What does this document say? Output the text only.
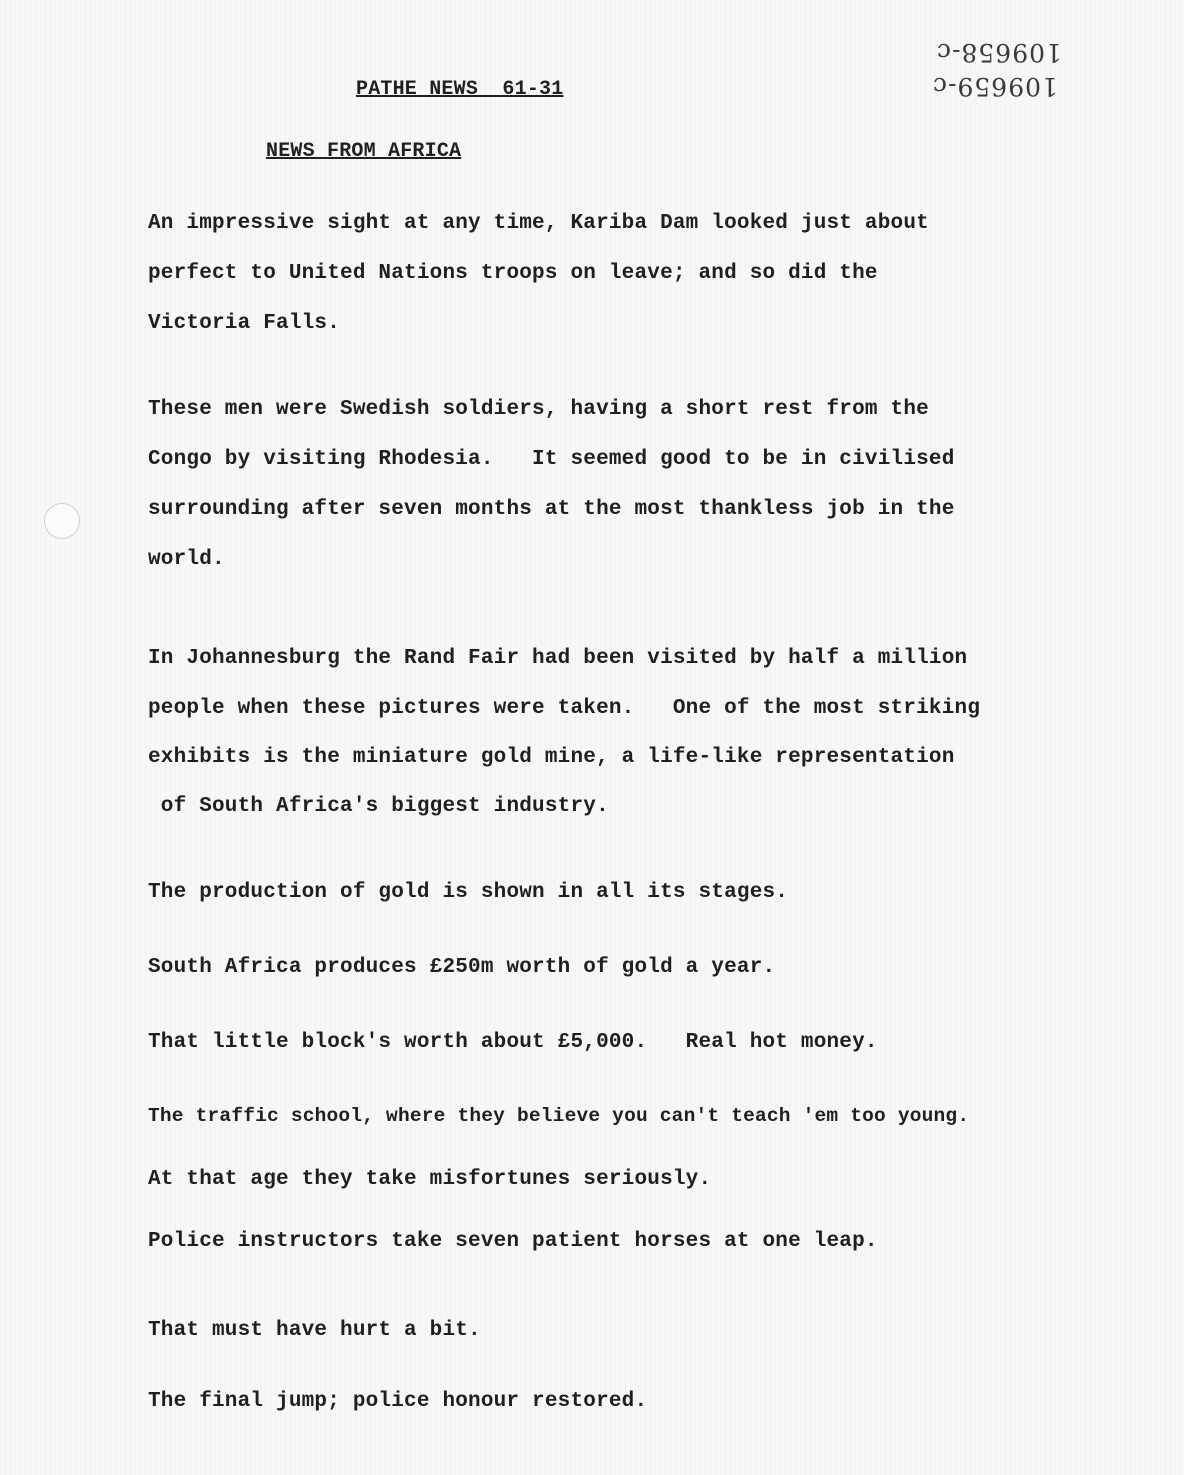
109658-c
109659-c
PATHE NEWS  61-31
NEWS FROM AFRICA
An impressive sight at any time, Kariba Dam looked just about
perfect to United Nations troops on leave; and so did the
Victoria Falls.
These men were Swedish soldiers, having a short rest from the
Congo by visiting Rhodesia.   It seemed good to be in civilised
surrounding after seven months at the most thankless job in the
world.
In Johannesburg the Rand Fair had been visited by half a million
people when these pictures were taken.   One of the most striking
exhibits is the miniature gold mine, a life-like representation
of South Africa's biggest industry.
The production of gold is shown in all its stages.
South Africa produces £250m worth of gold a year.
That little block's worth about £5,000.   Real hot money.
The traffic school, where they believe you can't teach 'em too young.
At that age they take misfortunes seriously.
Police instructors take seven patient horses at one leap.
That must have hurt a bit.
The final jump; police honour restored.
